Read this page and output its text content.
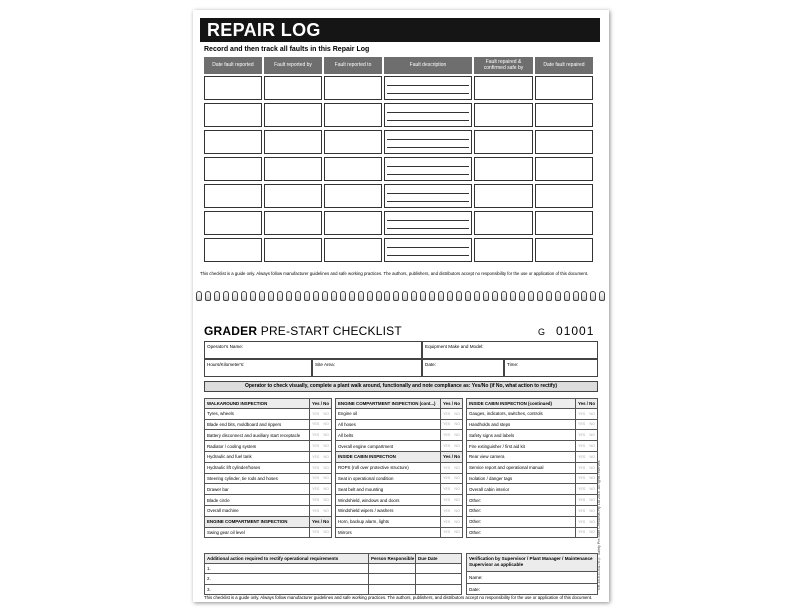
REPAIR LOG
Record and then track all faults in this Repair Log
Date fault reported	Fault reported by	Fault reported to	Fault description	Fault repaired & confirmed safe by	Date fault repaired
This checklist is a guide only. Always follow manufacturer guidelines and safe working practices. The authors, publishers, and distributors accept no responsibility for the use or application of this document.
GRADER PRE-START CHECKLIST	G 01001
Operator's Name:	Equipment Make and Model:
Hours/Kilometer's:	Site Area:	Date:	Time:
Operator to check visually, complete a plant walk around, functionally and note compliance as: Yes/No (if No, what action to rectify)
WALKAROUND INSPECTION	Yes / No
Tyres, wheels	YES NO
Blade end bits, moldboard and rippers	YES NO
Battery disconnect and auxiliary start receptacle	YES NO
Radiator / cooling system	YES NO
Hydraulic and fuel tank	YES NO
Hydraulic lift cylinder/hoses	YES NO
Steering cylinder, tie rods and hoses	YES NO
Drawer bar	YES NO
Blade circle	YES NO
Overall machine	YES NO
ENGINE COMPARTMENT INSPECTION	Yes / No
Swing gear oil level	YES NO
ENGINE COMPARTMENT INSPECTION (cont...)	Yes / No
Engine oil	YES NO
All hoses	YES NO
All belts	YES NO
Overall engine compartment	YES NO
INSIDE CABIN INSPECTION	Yes / No
ROPS (roll over protective structure)	YES NO
Seat in operational condition	YES NO
Seat belt and mounting	YES NO
Windshield, windows and doors	YES NO
Windshield wipers / washers	YES NO
Horn, backup alarm, lights	YES NO
Mirrors	YES NO
INSIDE CABIN INSPECTION (continued)	Yes / No
Gauges, indicators, switches, controls	YES NO
Handholds and steps	YES NO
Safety signs and labels	YES NO
Fire extinguisher / first aid kit	YES NO
Rear view camera	YES NO
Service report and operational manual	YES NO
Isolation / danger tags	YES NO
Overall cabin interior	YES NO
Other:	YES NO
Other:	YES NO
Other:	YES NO
Other:	YES NO
Additional action required to rectify operational requirements	Person Responsible Due Date
1.
2.
3.
Verification by Supervisor / Plant Manager / Maintenance Supervisor as applicable
Name:
Date:	GR-16-6-G-01176 © Safety Pre-Start Checklists Pty Ltd 2016. All rights reserved.
This checklist is a guide only. Always follow manufacturer guidelines and safe working practices. The authors, publishers, and distributors accept no responsibility for the use or application of this document.
